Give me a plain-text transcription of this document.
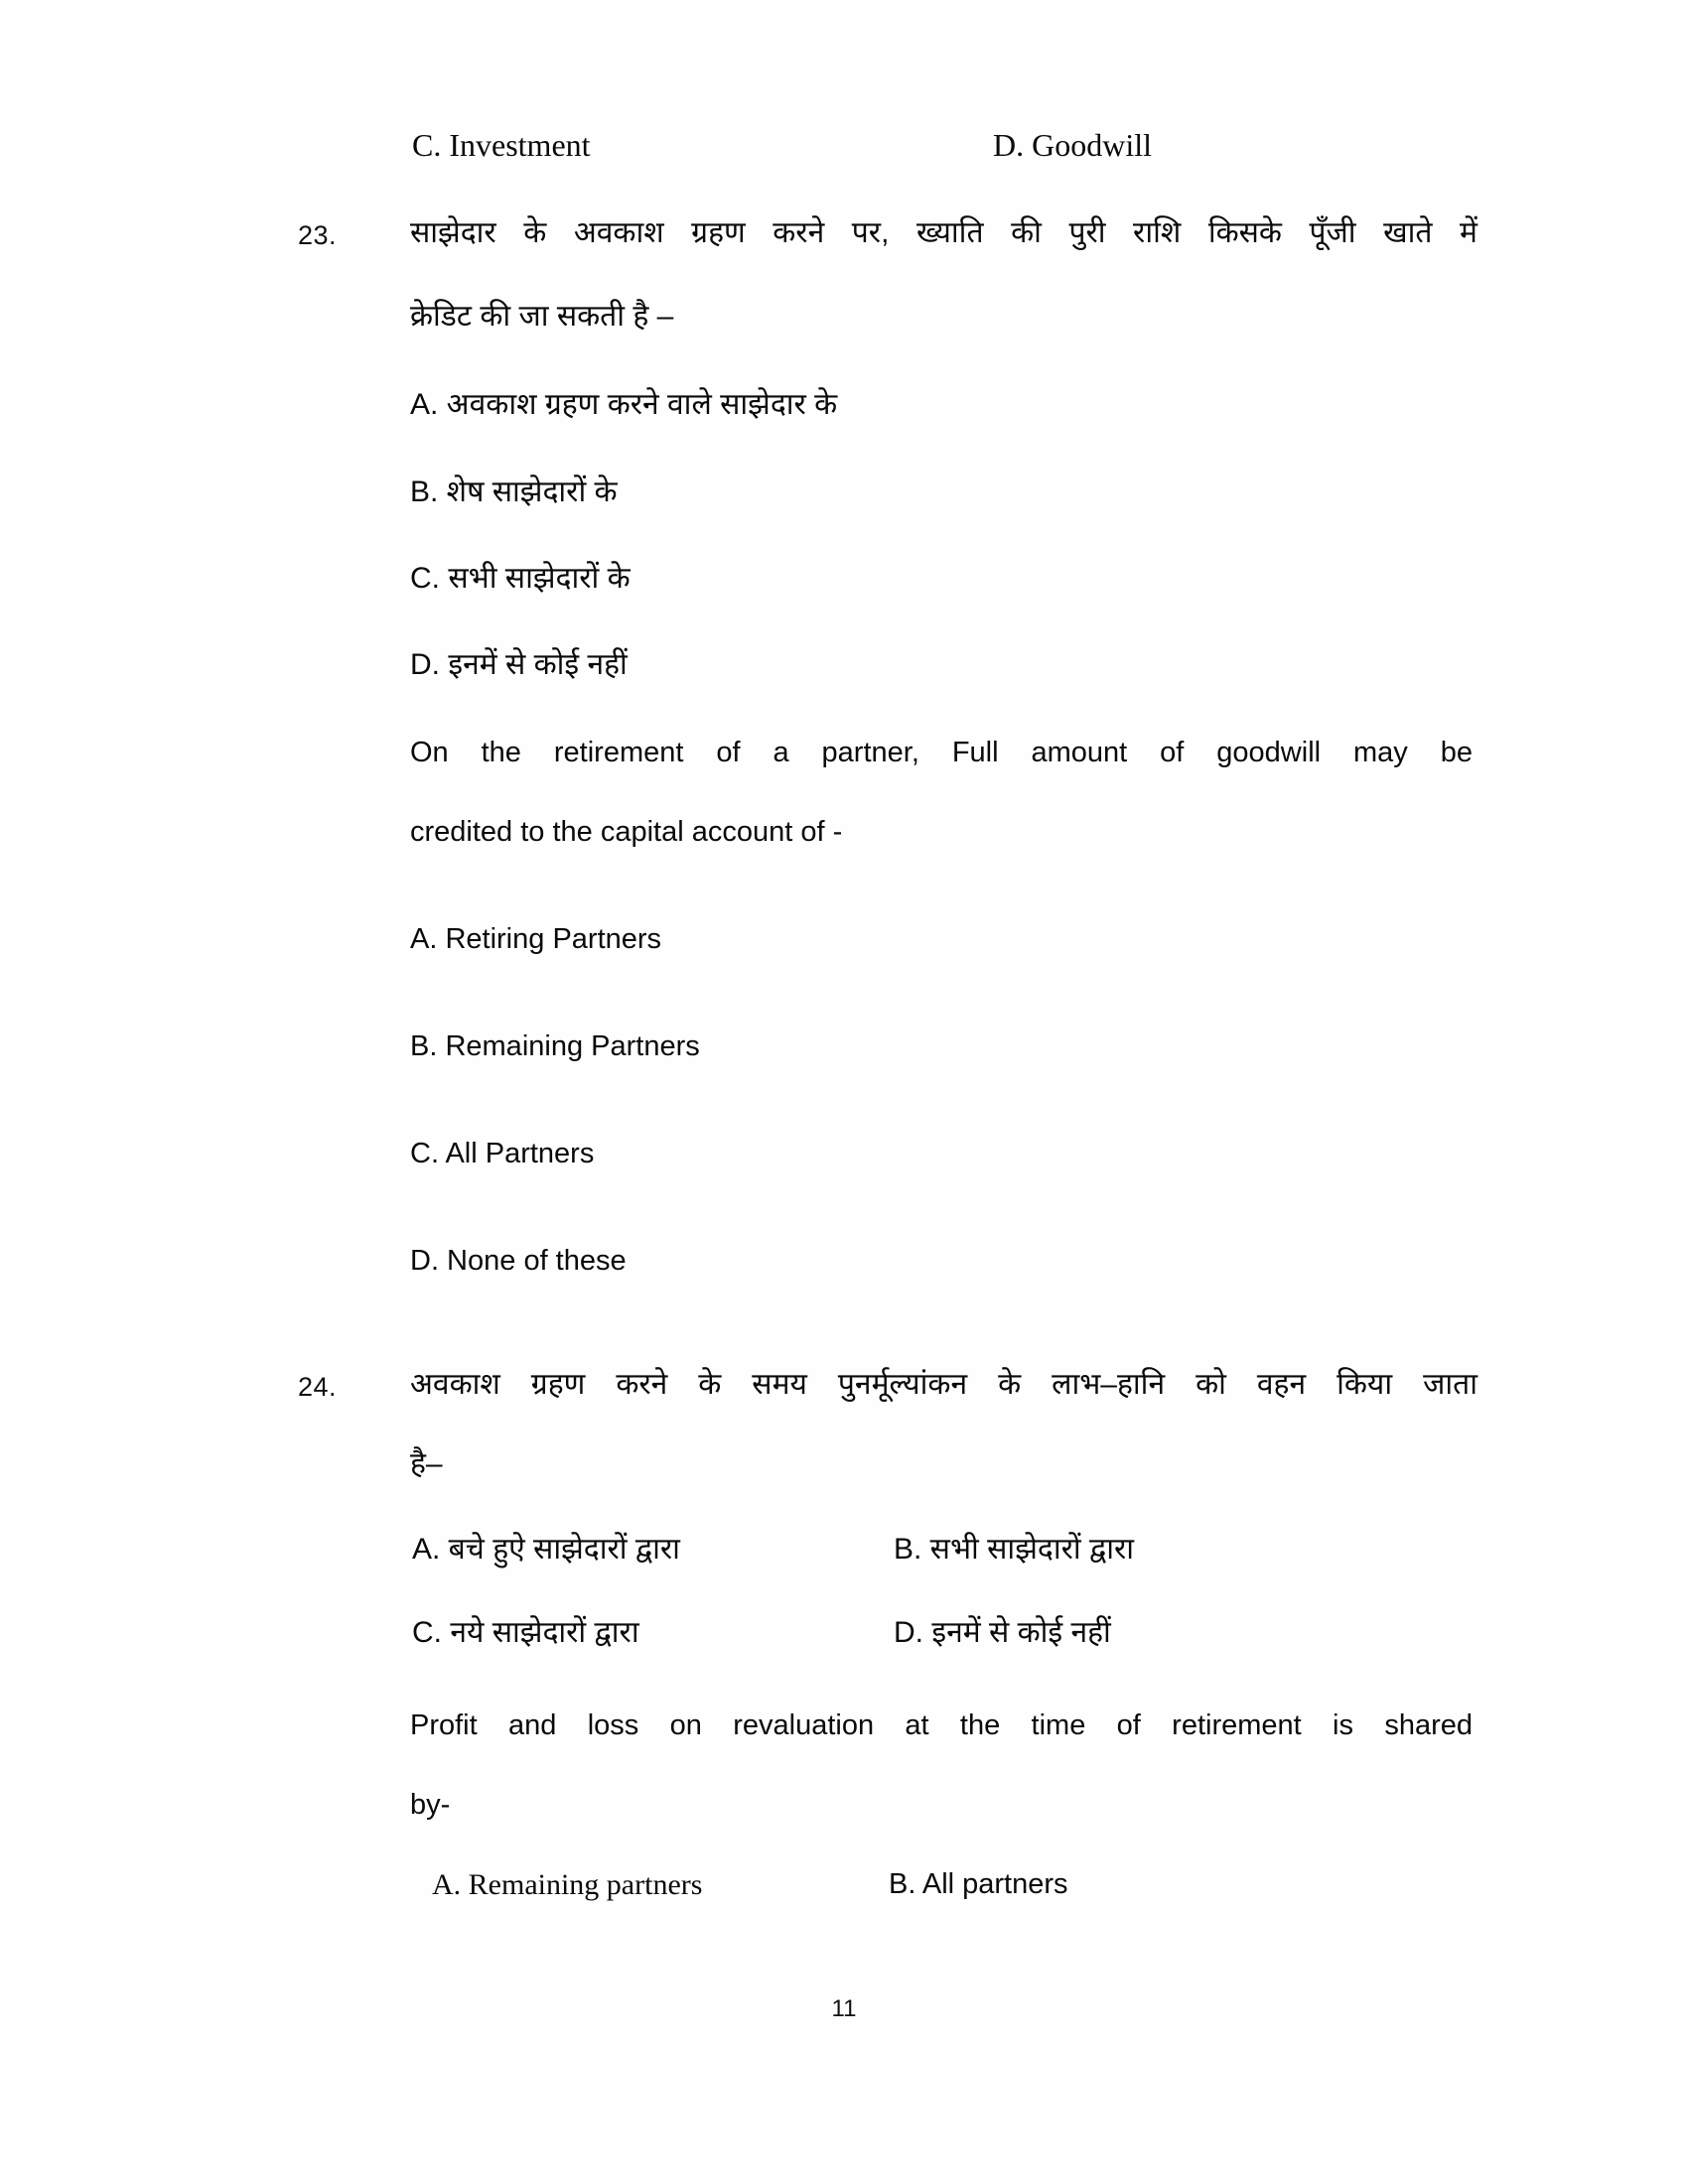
C. Investment	D. Goodwill
23. साझेदार के अवकाश ग्रहण करने पर, ख्याति की पुरी राशि किसके पूँजी खाते में
क्रेडिट की जा सकती है –
A. अवकाश ग्रहण करने वाले साझेदार के
B. शेष साझेदारों के
C. सभी साझेदारों के
D. इनमें से कोई नहीं
On the retirement of a partner, Full amount of goodwill may be
credited to the capital account of -
A. Retiring Partners
B. Remaining Partners
C. All Partners
D. None of these
24. अवकाश ग्रहण करने के समय पुनर्मूल्यांकन के लाभ–हानि को वहन किया जाता
है–
A. बचे हुऐ साझेदारों द्वारा	B. सभी साझेदारों द्वारा
C. नये साझेदारों द्वारा	D. इनमें से कोई नहीं
Profit and loss on revaluation at the time of retirement is shared
by-
A. Remaining partners	B. All partners
11
